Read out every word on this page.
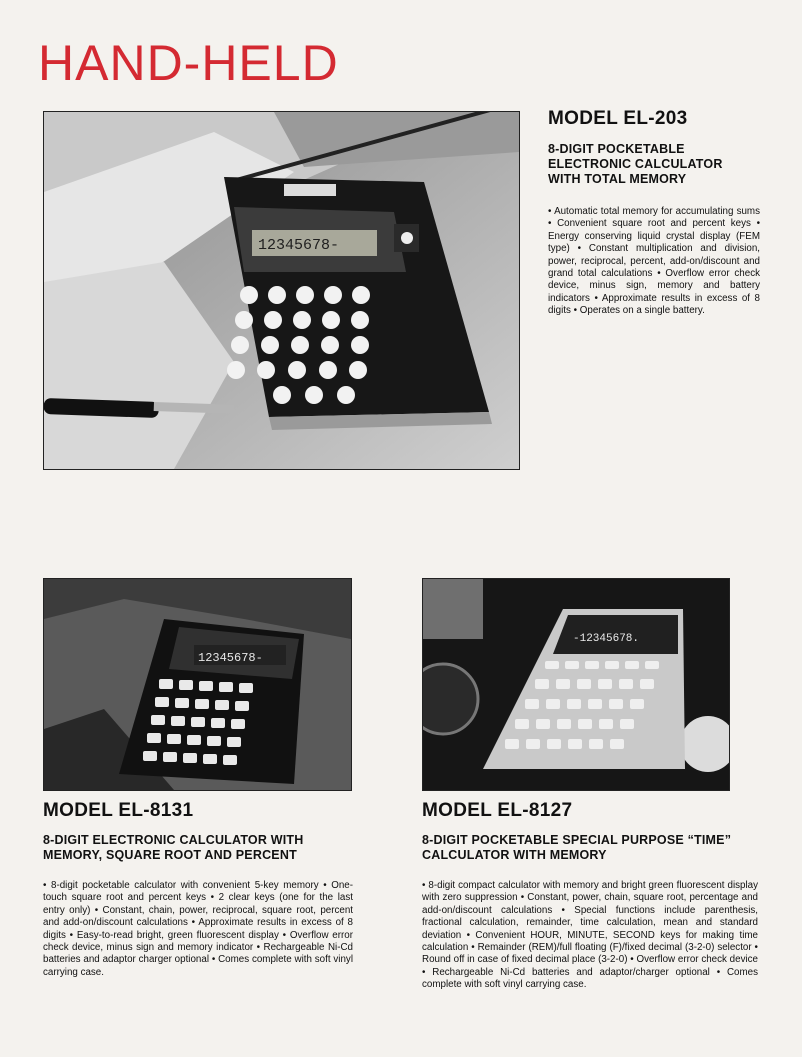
HAND-HELD
12345678-
MODEL EL-203
8-DIGIT POCKETABLE ELECTRONIC CALCULATOR WITH TOTAL MEMORY

• Automatic total memory for accumulating sums • Convenient square root and percent keys • Energy conserving liquid crystal display (FEM type) • Constant multiplication and division, power, reciprocal, percent, add-on/discount and grand total calculations • Overflow error check device, minus sign, memory and battery indicators • Approximate results in excess of 8 digits • Operates on a single battery.

12345678-
MODEL EL-8131
8-DIGIT ELECTRONIC CALCULATOR WITH MEMORY, SQUARE ROOT AND PERCENT

• 8-digit pocketable calculator with convenient 5-key memory • One-touch square root and percent keys • 2 clear keys (one for the last entry only) • Constant, chain, power, reciprocal, square root, percent and add-on/discount calculations • Approximate results in excess of 8 digits • Easy-to-read bright, green fluorescent display • Overflow error check device, minus sign and memory indicator • Rechargeable Ni-Cd batteries and adaptor charger optional • Comes complete with soft vinyl carrying case.

-12345678.
MODEL EL-8127
8-DIGIT POCKETABLE SPECIAL PURPOSE “TIME” CALCULATOR WITH MEMORY

• 8-digit compact calculator with memory and bright green fluorescent display with zero suppression • Constant, power, chain, square root, percentage and add-on/discount calculations • Special functions include parenthesis, fractional calculation, remainder, time calculation, mean and standard deviation • Convenient HOUR, MINUTE, SECOND keys for making time calculation • Remainder (REM)/full floating (F)/fixed decimal (3-2-0) selector • Round off in case of fixed decimal place (3-2-0) • Overflow error check device • Rechargeable Ni-Cd batteries and adaptor/charger optional • Comes complete with soft vinyl carrying case.
